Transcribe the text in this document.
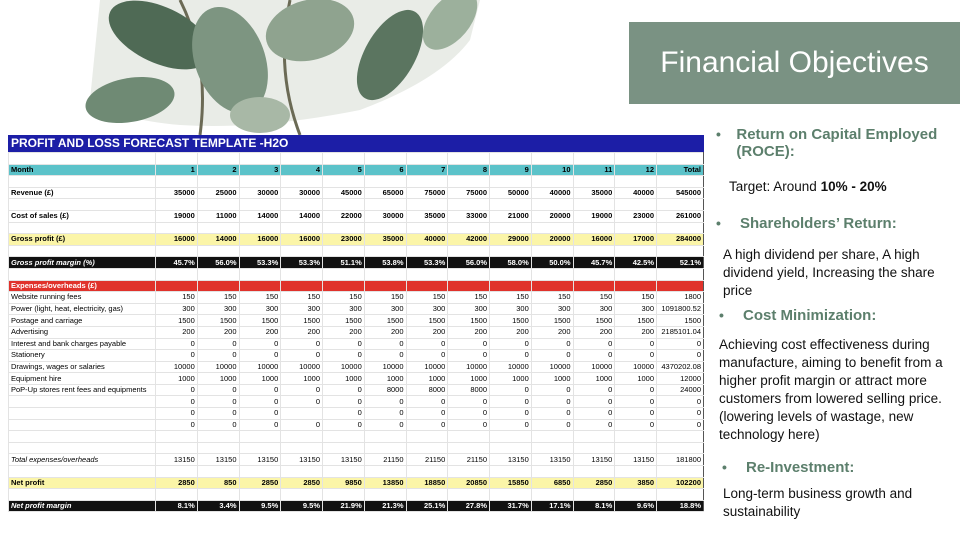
Financial Objectives
PROFIT AND LOSS FORECAST TEMPLATE -H2O

Month	1	2	3	4	5	6	7	8	9	10	11	12	Total

Revenue (£)	35000	25000	30000	30000	45000	65000	75000	75000	50000	40000	35000	40000	545000

Cost of sales (£)	19000	11000	14000	14000	22000	30000	35000	33000	21000	20000	19000	23000	261000

Gross profit (£)	16000	14000	16000	16000	23000	35000	40000	42000	29000	20000	16000	17000	284000

Gross profit margin (%)	45.7%	56.0%	53.3%	53.3%	51.1%	53.8%	53.3%	56.0%	58.0%	50.0%	45.7%	42.5%	52.1%

Expenses/overheads (£)													
Website running fees	150	150	150	150	150	150	150	150	150	150	150	150	1800
Power (light, heat, electricity, gas)	300	300	300	300	300	300	300	300	300	300	300	300	1091800.52
Postage and carriage	1500	1500	1500	1500	1500	1500	1500	1500	1500	1500	1500	1500	1500
Advertising	200	200	200	200	200	200	200	200	200	200	200	200	2185101.04
Interest and bank charges payable	0	0	0	0	0	0	0	0	0	0	0	0	0
Stationery	0	0	0	0	0	0	0	0	0	0	0	0	0
Drawings, wages or salaries	10000	10000	10000	10000	10000	10000	10000	10000	10000	10000	10000	10000	4370202.08
Equipment hire	1000	1000	1000	1000	1000	1000	1000	1000	1000	1000	1000	1000	12000
PoP-Up stores rent fees and equipments	0	0	0	0	0	8000	8000	8000	0	0	0	0	24000
	0	0	0	0	0	0	0	0	0	0	0	0	0
	0	0	0		0	0	0	0	0	0	0	0	0
	0	0	0	0	0	0	0	0	0	0	0	0	0

Total expenses/overheads	13150	13150	13150	13150	13150	21150	21150	21150	13150	13150	13150	13150	181800

Net profit	2850	850	2850	2850	9850	13850	18850	20850	15850	6850	2850	3850	102200

Net profit margin	8.1%	3.4%	9.5%	9.5%	21.9%	21.3%	25.1%	27.8%	31.7%	17.1%	8.1%	9.6%	18.8%
•	Return on Capital Employed (ROCE):
Target: Around 10% - 20%
•	Shareholders’ Return:
A high dividend per share, A high dividend yield, Increasing the share price
•	Cost Minimization:
Achieving cost effectiveness during manufacture, aiming to benefit from a higher profit margin or attract more customers from lowered selling price. (lowering levels of wastage, new technology here)
•	Re-Investment:
Long-term business growth and sustainability
